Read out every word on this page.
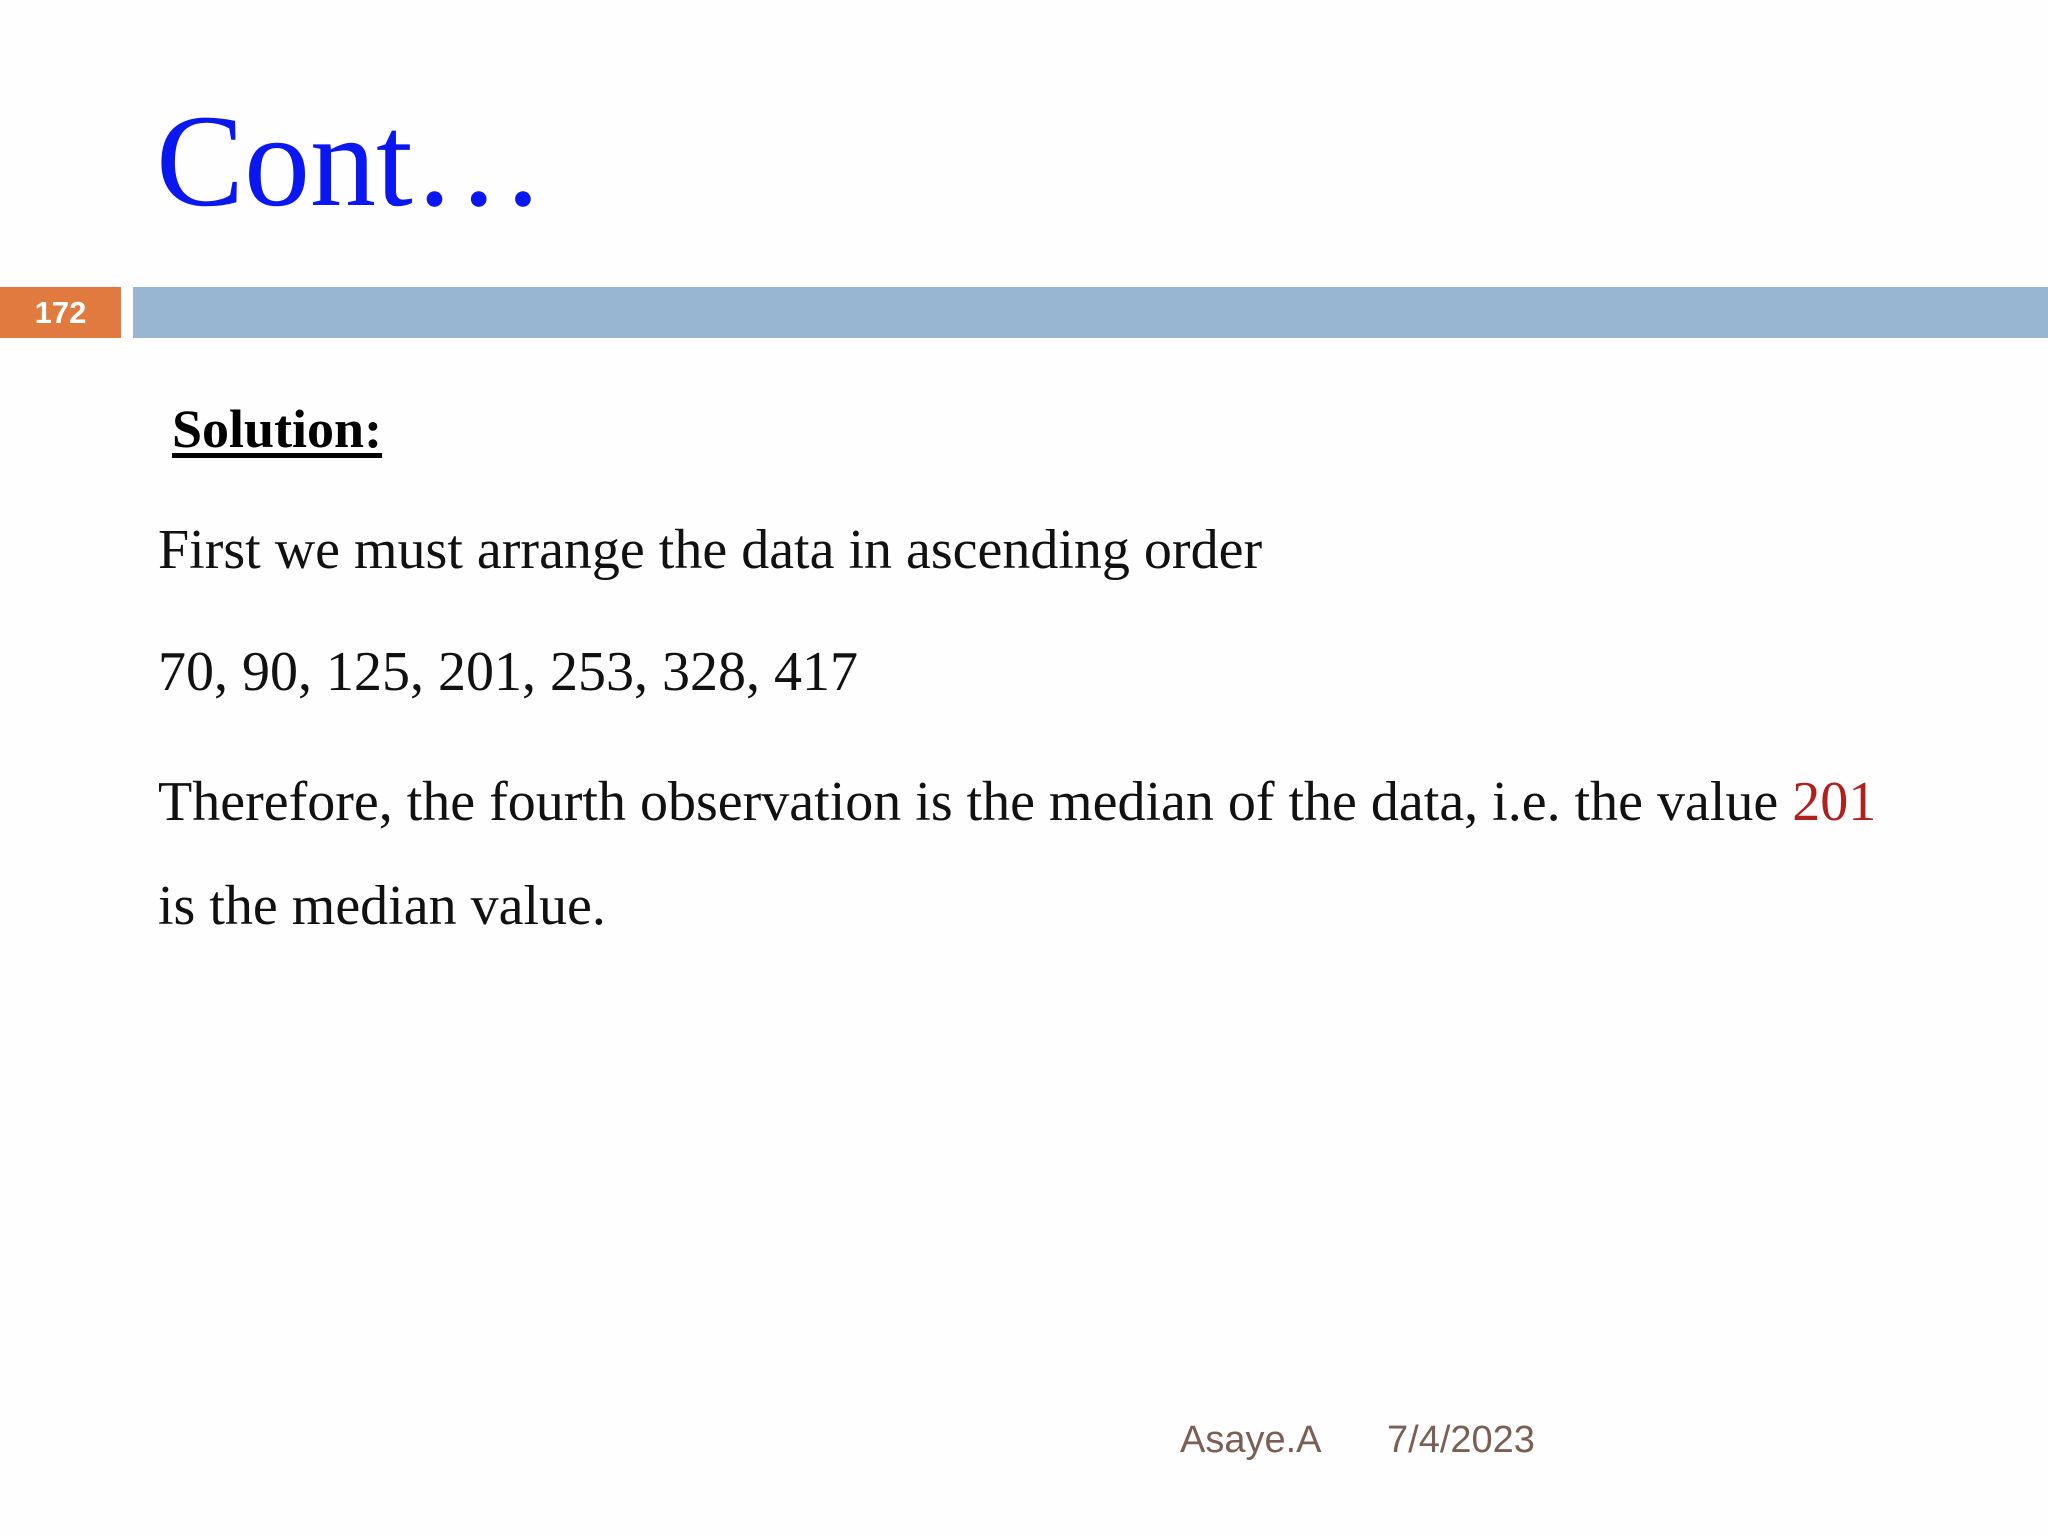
Cont…
172
Solution:
First we must arrange the data in ascending order
70, 90, 125, 201, 253, 328, 417
Therefore, the fourth observation is the median of the data, i.e. the value 201
is the median value.
Asaye.A 7/4/2023
